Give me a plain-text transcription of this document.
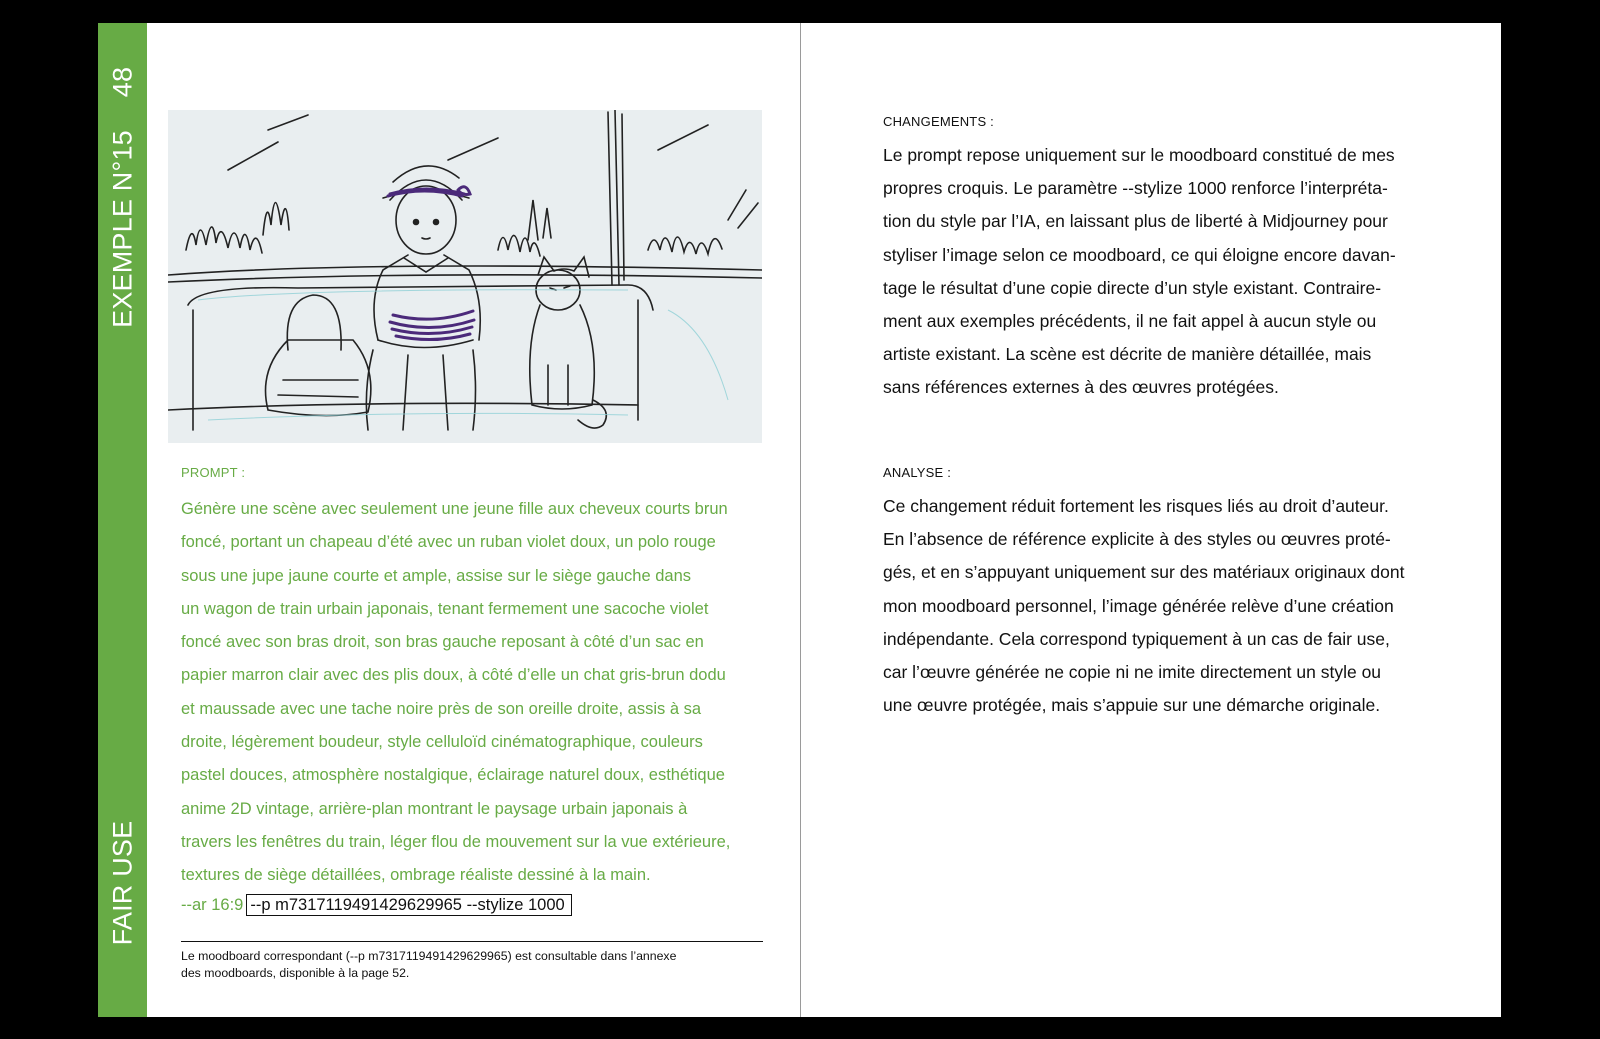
48
EXEMPLE N°15
FAIR USE
PROMPT :

Génère une scène avec seulement une jeune fille aux cheveux courts brun
foncé, portant un chapeau d’été avec un ruban violet doux, un polo rouge
sous une jupe jaune courte et ample, assise sur le siège gauche dans
un wagon de train urbain japonais, tenant fermement une sacoche violet
foncé avec son bras droit, son bras gauche reposant à côté d’un sac en
papier marron clair avec des plis doux, à côté d’elle un chat gris-brun dodu
et maussade avec une tache noire près de son oreille droite, assis à sa
droite, légèrement boudeur, style celluloïd cinématographique, couleurs
pastel douces, atmosphère nostalgique, éclairage naturel doux, esthétique
anime 2D vintage, arrière-plan montrant le paysage urbain japonais à
travers les fenêtres du train, léger flou de mouvement sur la vue extérieure,
textures de siège détaillées, ombrage réaliste dessiné à la main.

--ar 16:9 --p m7317119491429629965 --stylize 1000

Le moodboard correspondant (--p m7317119491429629965) est consultable dans l’annexe
des moodboards, disponible à la page 52.

CHANGEMENTS :

Le prompt repose uniquement sur le moodboard constitué de mes
propres croquis. Le paramètre --stylize 1000 renforce l’interpréta-
tion du style par l’IA, en laissant plus de liberté à Midjourney pour
styliser l’image selon ce moodboard, ce qui éloigne encore davan-
tage le résultat d’une copie directe d’un style existant. Contraire-
ment aux exemples précédents, il ne fait appel à aucun style ou
artiste existant. La scène est décrite de manière détaillée, mais
sans références externes à des œuvres protégées.

ANALYSE :

Ce changement réduit fortement les risques liés au droit d’auteur.
En l’absence de référence explicite à des styles ou œuvres proté-
gés, et en s’appuyant uniquement sur des matériaux originaux dont
mon moodboard personnel, l’image générée relève d’une création
indépendante. Cela correspond typiquement à un cas de fair use,
car l’œuvre générée ne copie ni ne imite directement un style ou
une œuvre protégée, mais s’appuie sur une démarche originale.
